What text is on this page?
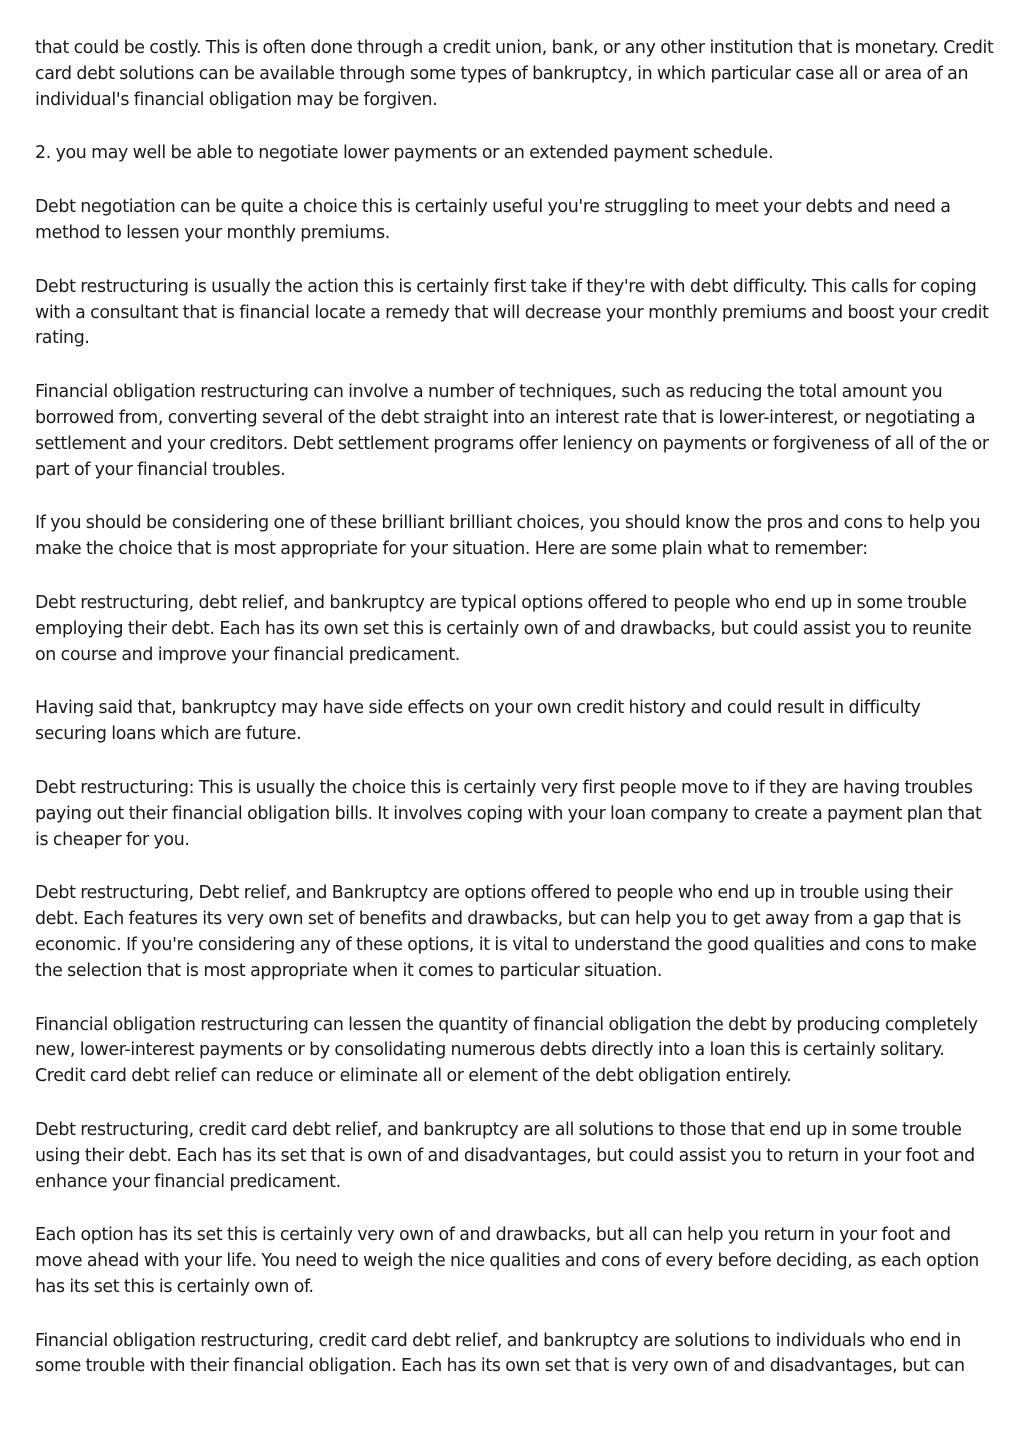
that could be costly. This is often done through a credit union, bank, or any other institution that is monetary. Credit card debt solutions can be available through some types of bankruptcy, in which particular case all or area of an individual's financial obligation may be forgiven.

2. you may well be able to negotiate lower payments or an extended payment schedule.

Debt negotiation can be quite a choice this is certainly useful you're struggling to meet your debts and need a method to lessen your monthly premiums.

Debt restructuring is usually the action this is certainly first take if they're with debt difficulty. This calls for coping with a consultant that is financial locate a remedy that will decrease your monthly premiums and boost your credit rating.

Financial obligation restructuring can involve a number of techniques, such as reducing the total amount you borrowed from, converting several of the debt straight into an interest rate that is lower-interest, or negotiating a settlement and your creditors. Debt settlement programs offer leniency on payments or forgiveness of all of the or part of your financial troubles.

If you should be considering one of these brilliant brilliant choices, you should know the pros and cons to help you make the choice that is most appropriate for your situation. Here are some plain what to remember:

Debt restructuring, debt relief, and bankruptcy are typical options offered to people who end up in some trouble employing their debt. Each has its own set this is certainly own of and drawbacks, but could assist you to reunite on course and improve your financial predicament.

Having said that, bankruptcy may have side effects on your own credit history and could result in difficulty securing loans which are future.

Debt restructuring: This is usually the choice this is certainly very first people move to if they are having troubles paying out their financial obligation bills. It involves coping with your loan company to create a payment plan that is cheaper for you.

Debt restructuring, Debt relief, and Bankruptcy are options offered to people who end up in trouble using their debt. Each features its very own set of benefits and drawbacks, but can help you to get away from a gap that is economic. If you're considering any of these options, it is vital to understand the good qualities and cons to make the selection that is most appropriate when it comes to particular situation.

Financial obligation restructuring can lessen the quantity of financial obligation the debt by producing completely new, lower-interest payments or by consolidating numerous debts directly into a loan this is certainly solitary. Credit card debt relief can reduce or eliminate all or element of the debt obligation entirely.

Debt restructuring, credit card debt relief, and bankruptcy are all solutions to those that end up in some trouble using their debt. Each has its set that is own of and disadvantages, but could assist you to return in your foot and enhance your financial predicament.

Each option has its set this is certainly very own of and drawbacks, but all can help you return in your foot and move ahead with your life. You need to weigh the nice qualities and cons of every before deciding, as each option has its set this is certainly own of.

Financial obligation restructuring, credit card debt relief, and bankruptcy are solutions to individuals who end in some trouble with their financial obligation. Each has its own set that is very own of and disadvantages, but can
